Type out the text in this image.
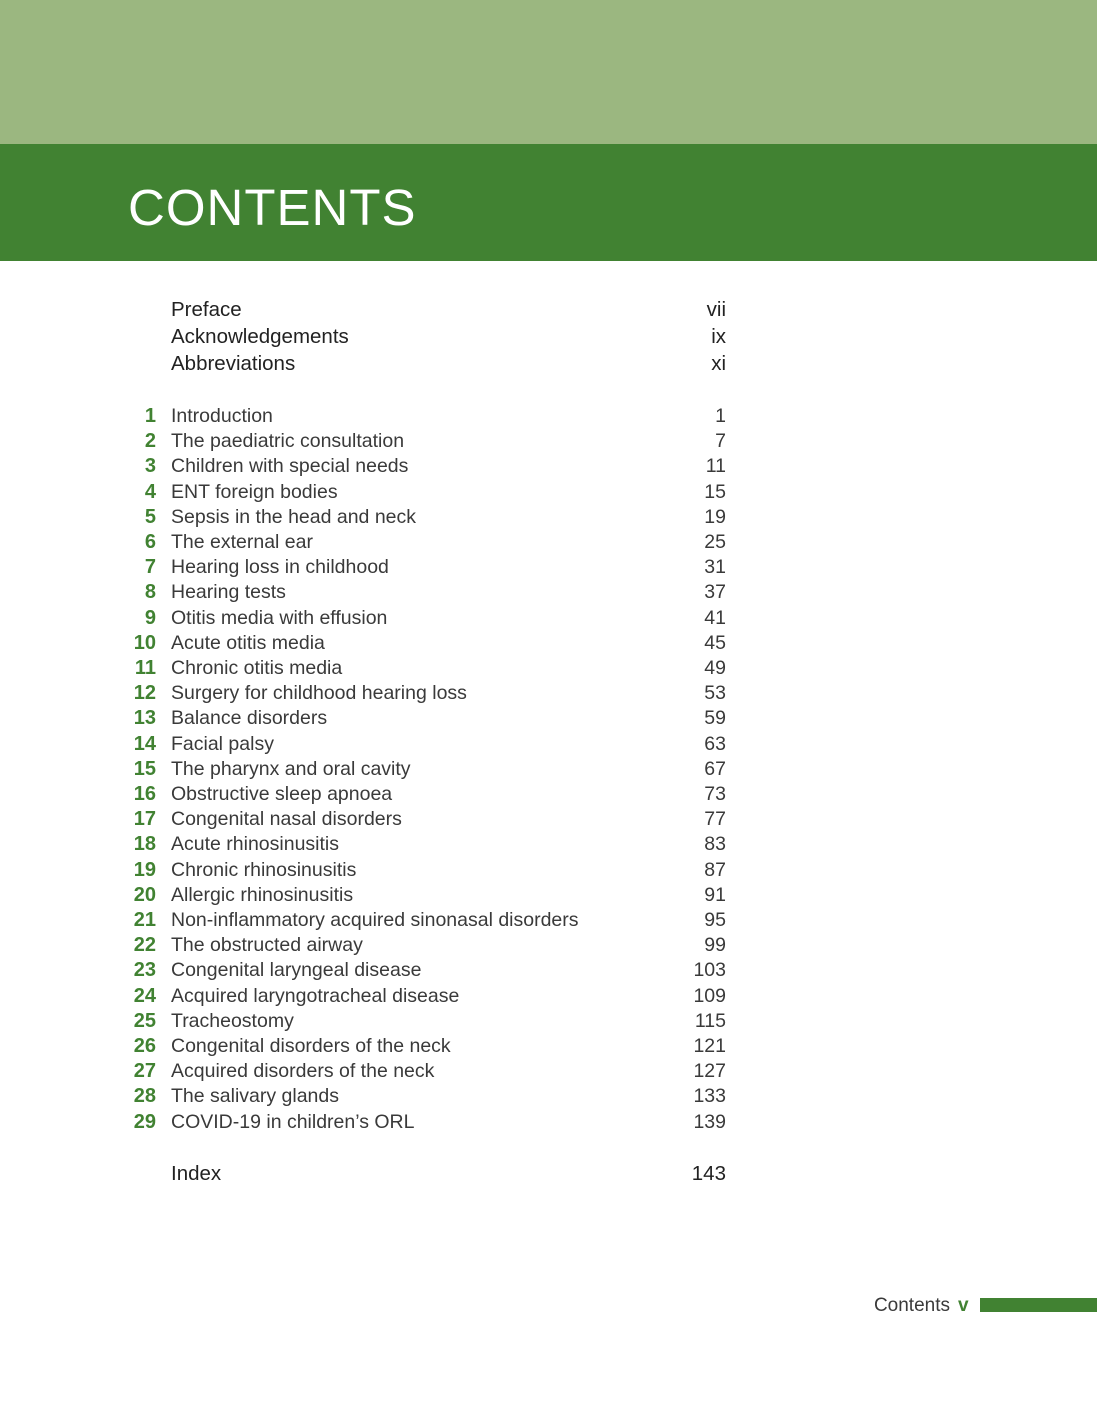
CONTENTS
Preface	vii
Acknowledgements	ix
Abbreviations	xi
1 Introduction	1
2 The paediatric consultation	7
3 Children with special needs	11
4 ENT foreign bodies	15
5 Sepsis in the head and neck	19
6 The external ear	25
7 Hearing loss in childhood	31
8 Hearing tests	37
9 Otitis media with effusion	41
10 Acute otitis media	45
11 Chronic otitis media	49
12 Surgery for childhood hearing loss	53
13 Balance disorders	59
14 Facial palsy	63
15 The pharynx and oral cavity	67
16 Obstructive sleep apnoea	73
17 Congenital nasal disorders	77
18 Acute rhinosinusitis	83
19 Chronic rhinosinusitis	87
20 Allergic rhinosinusitis	91
21 Non-inflammatory acquired sinonasal disorders	95
22 The obstructed airway	99
23 Congenital laryngeal disease	103
24 Acquired laryngotracheal disease	109
25 Tracheostomy	115
26 Congenital disorders of the neck	121
27 Acquired disorders of the neck	127
28 The salivary glands	133
29 COVID-19 in children’s ORL	139
Index	143
Contents v
